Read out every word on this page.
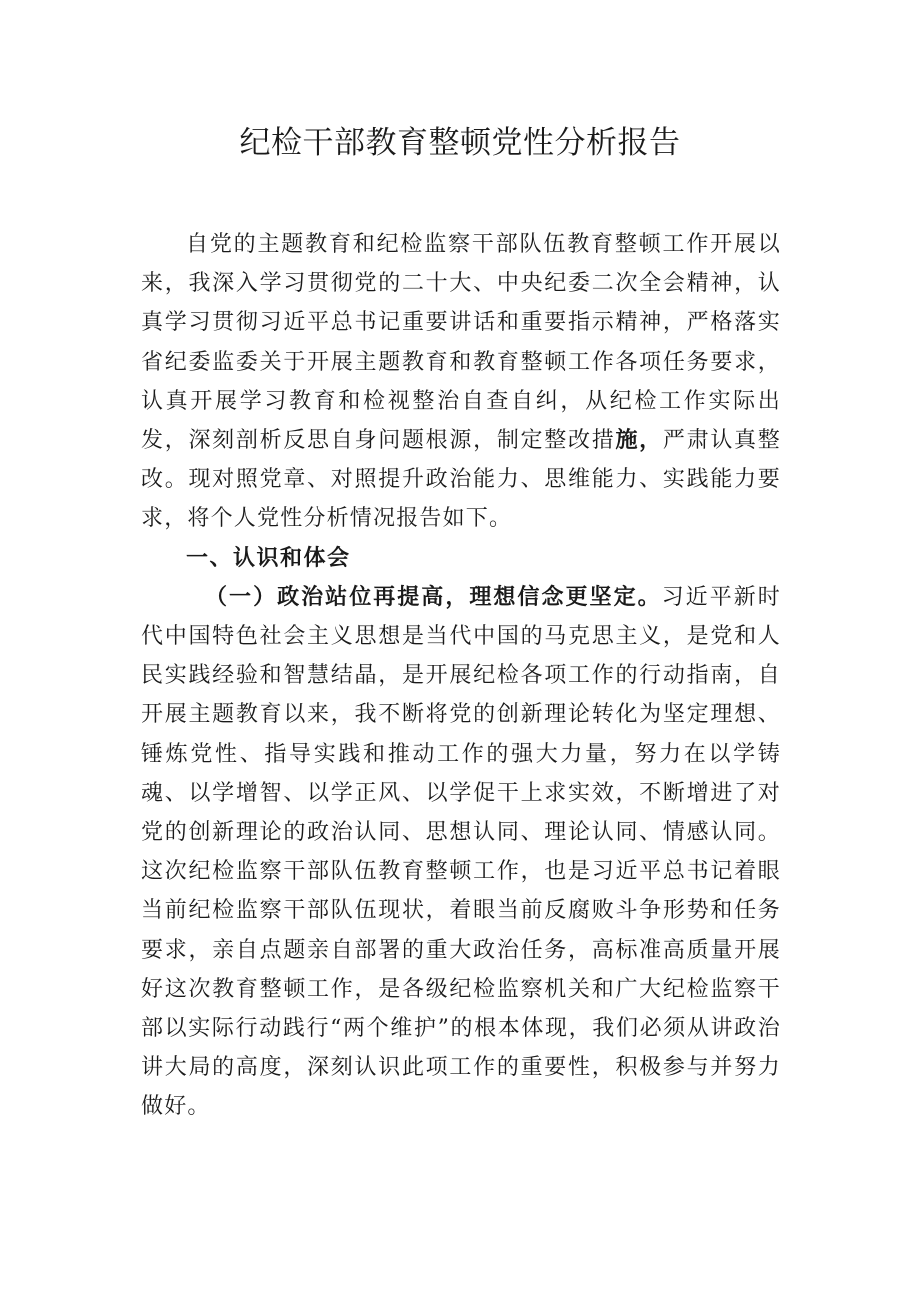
纪检干部教育整顿党性分析报告

自党的主题教育和纪检监察干部队伍教育整顿工作开展以来，我深入学习贯彻党的二十大、中央纪委二次全会精神，认真学习贯彻习近平总书记重要讲话和重要指示精神，严格落实省纪委监委关于开展主题教育和教育整顿工作各项任务要求，认真开展学习教育和检视整治自查自纠，从纪检工作实际出发，深刻剖析反思自身问题根源，制定整改措施，严肃认真整改。现对照党章、对照提升政治能力、思维能力、实践能力要求，将个人党性分析情况报告如下。

一、认识和体会

（一）政治站位再提高，理想信念更坚定。习近平新时代中国特色社会主义思想是当代中国的马克思主义，是党和人民实践经验和智慧结晶，是开展纪检各项工作的行动指南，自开展主题教育以来，我不断将党的创新理论转化为坚定理想、锤炼党性、指导实践和推动工作的强大力量，努力在以学铸魂、以学增智、以学正风、以学促干上求实效，不断增进了对党的创新理论的政治认同、思想认同、理论认同、情感认同。这次纪检监察干部队伍教育整顿工作，也是习近平总书记着眼当前纪检监察干部队伍现状，着眼当前反腐败斗争形势和任务要求，亲自点题亲自部署的重大政治任务，高标准高质量开展好这次教育整顿工作，是各级纪检监察机关和广大纪检监察干部以实际行动践行“两个维护”的根本体现，我们必须从讲政治讲大局的高度，深刻认识此项工作的重要性，积极参与并努力做好。
